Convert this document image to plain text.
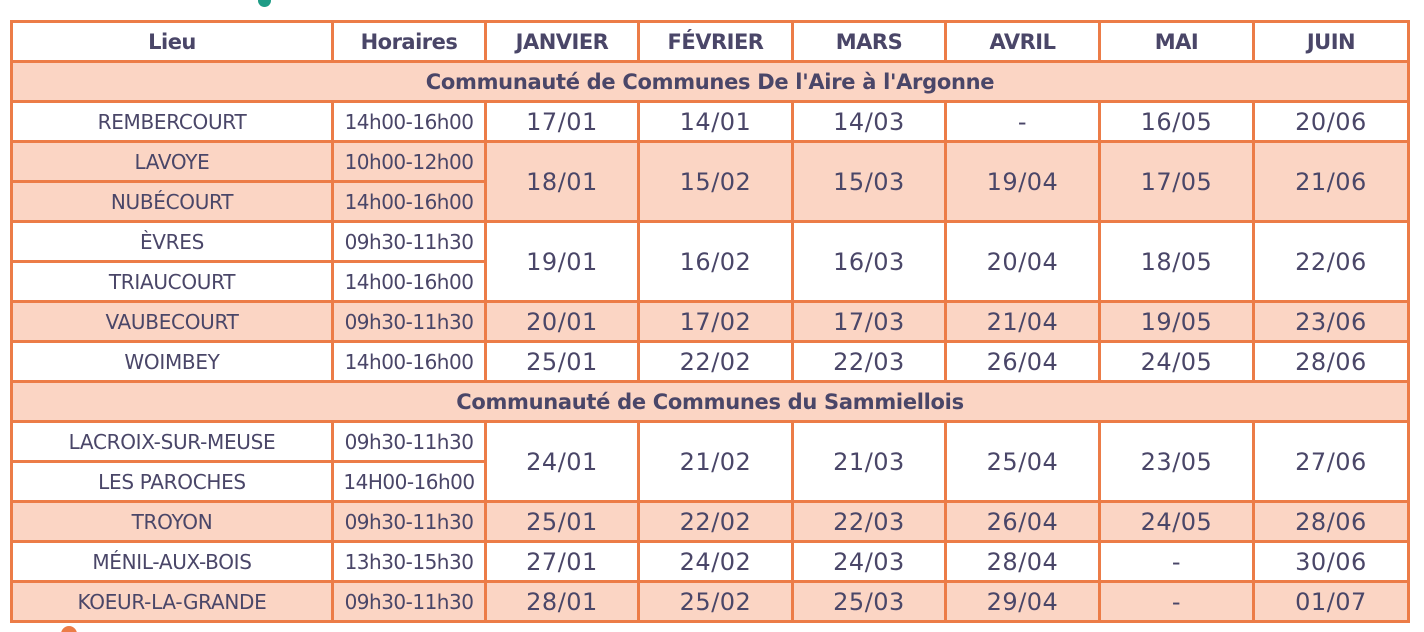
Lieu	Horaires	JANVIER	FÉVRIER	MARS	AVRIL	MAI	JUIN
Communauté de Communes De l'Aire à l'Argonne							
REMBERCOURT	14h00-16h00	17/01	14/01	14/03	-	16/05	20/06
LAVOYE	10h00-12h00	18/01	15/02	15/03	19/04	17/05	21/06
NUBÉCOURT	14h00-16h00						
ÈVRES	09h30-11h30	19/01	16/02	16/03	20/04	18/05	22/06
TRIAUCOURT	14h00-16h00						
VAUBECOURT	09h30-11h30	20/01	17/02	17/03	21/04	19/05	23/06
WOIMBEY	14h00-16h00	25/01	22/02	22/03	26/04	24/05	28/06
Communauté de Communes du Sammiellois							
LACROIX-SUR-MEUSE	09h30-11h30	24/01	21/02	21/03	25/04	23/05	27/06
LES PAROCHES	14H00-16h00						
TROYON	09h30-11h30	25/01	22/02	22/03	26/04	24/05	28/06
MÉNIL-AUX-BOIS	13h30-15h30	27/01	24/02	24/03	28/04	-	30/06
KOEUR-LA-GRANDE	09h30-11h30	28/01	25/02	25/03	29/04	-	01/07
